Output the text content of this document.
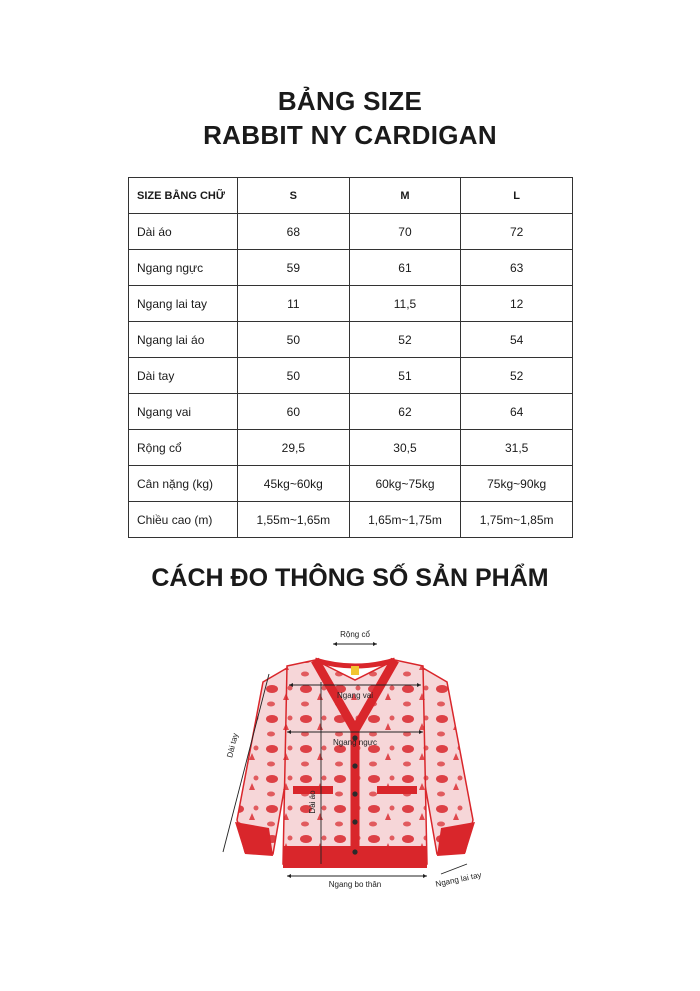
BẢNG SIZE
RABBIT NY CARDIGAN
SIZE BẰNG CHỮ	S	M	L
Dài áo	68	70	72
Ngang ngực	59	61	63
Ngang lai tay	11	11,5	12
Ngang lai áo	50	52	54
Dài tay	50	51	52
Ngang vai	60	62	64
Rộng cổ	29,5	30,5	31,5
Cân nặng (kg)	45kg~60kg	60kg~75kg	75kg~90kg
Chiều cao (m)	1,55m~1,65m	1,65m~1,75m	1,75m~1,85m
CÁCH ĐO THÔNG SỐ SẢN PHẨM
Rộng cổ
Ngang vai
Ngang ngực
Dài áo
Dài tay
Ngang bo thân	Ngang lai tay
